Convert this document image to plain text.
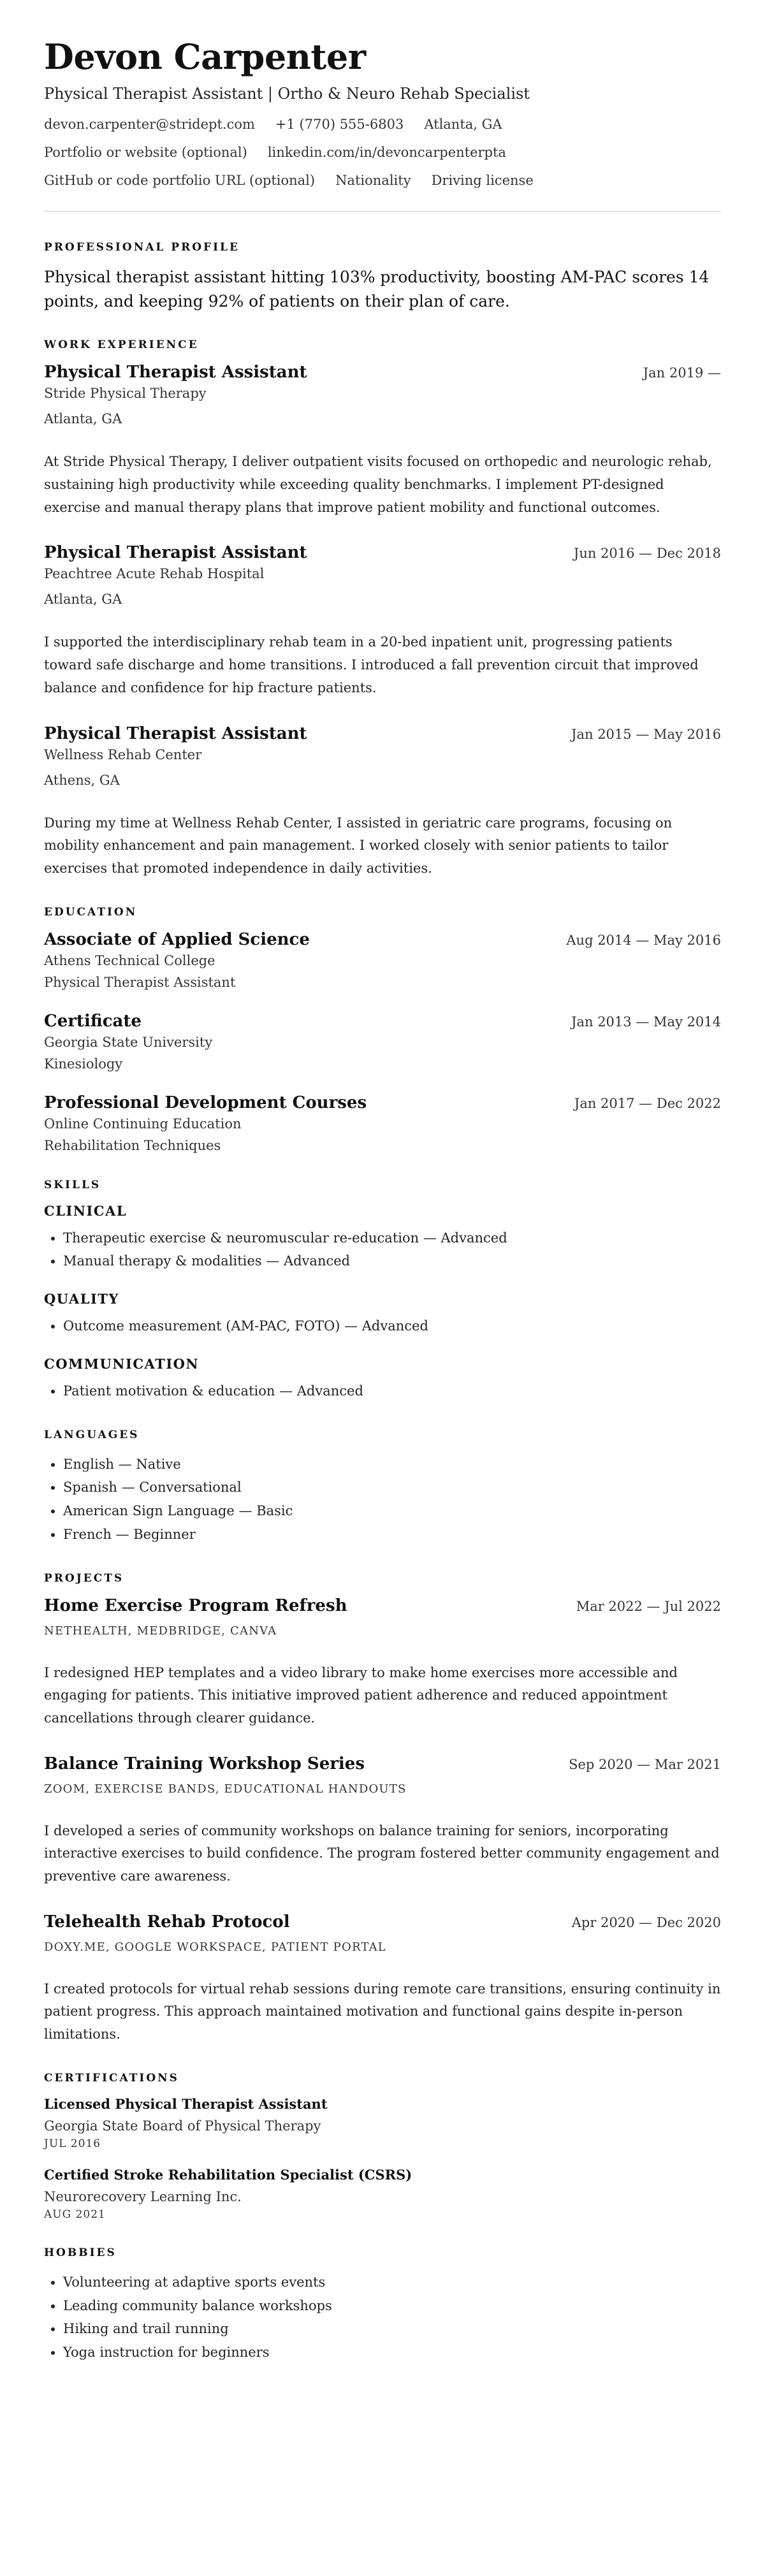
Devon Carpenter
Physical Therapist Assistant | Ortho & Neuro Rehab Specialist
devon.carpenter@stridept.com +1 (770) 555-6803 Atlanta, GA
Portfolio or website (optional) linkedin.com/in/devoncarpenterpta
GitHub or code portfolio URL (optional) Nationality Driving license
PROFESSIONAL PROFILE

Physical therapist assistant hitting 103% productivity, boosting AM-PAC scores 14 points, and keeping 92% of patients on their plan of care.

WORK EXPERIENCE
Physical Therapist Assistant	Jan 2019 —
Stride Physical Therapy
Atlanta, GA
At Stride Physical Therapy, I deliver outpatient visits focused on orthopedic and neurologic rehab, sustaining high productivity while exceeding quality benchmarks. I implement PT-designed exercise and manual therapy plans that improve patient mobility and functional outcomes.
Physical Therapist Assistant	Jun 2016 — Dec 2018
Peachtree Acute Rehab Hospital
Atlanta, GA
I supported the interdisciplinary rehab team in a 20-bed inpatient unit, progressing patients toward safe discharge and home transitions. I introduced a fall prevention circuit that improved balance and confidence for hip fracture patients.
Physical Therapist Assistant	Jan 2015 — May 2016
Wellness Rehab Center
Athens, GA
During my time at Wellness Rehab Center, I assisted in geriatric care programs, focusing on mobility enhancement and pain management. I worked closely with senior patients to tailor exercises that promoted independence in daily activities.
EDUCATION
Associate of Applied Science	Aug 2014 — May 2016
Athens Technical College
Physical Therapist Assistant
Certificate	Jan 2013 — May 2014
Georgia State University
Kinesiology
Professional Development Courses	Jan 2017 — Dec 2022
Online Continuing Education
Rehabilitation Techniques
SKILLS
CLINICAL
• Therapeutic exercise & neuromuscular re-education — Advanced
• Manual therapy & modalities — Advanced
QUALITY
• Outcome measurement (AM-PAC, FOTO) — Advanced
COMMUNICATION
• Patient motivation & education — Advanced
LANGUAGES
• English — Native
• Spanish — Conversational
• American Sign Language — Basic
• French — Beginner
PROJECTS
Home Exercise Program Refresh	Mar 2022 — Jul 2022
NETHEALTH, MEDBRIDGE, CANVA
I redesigned HEP templates and a video library to make home exercises more accessible and engaging for patients. This initiative improved patient adherence and reduced appointment cancellations through clearer guidance.
Balance Training Workshop Series	Sep 2020 — Mar 2021
ZOOM, EXERCISE BANDS, EDUCATIONAL HANDOUTS
I developed a series of community workshops on balance training for seniors, incorporating interactive exercises to build confidence. The program fostered better community engagement and preventive care awareness.
Telehealth Rehab Protocol	Apr 2020 — Dec 2020
DOXY.ME, GOOGLE WORKSPACE, PATIENT PORTAL
I created protocols for virtual rehab sessions during remote care transitions, ensuring continuity in patient progress. This approach maintained motivation and functional gains despite in-person limitations.
CERTIFICATIONS
Licensed Physical Therapist Assistant
Georgia State Board of Physical Therapy
JUL 2016
Certified Stroke Rehabilitation Specialist (CSRS)
Neurorecovery Learning Inc.
AUG 2021
HOBBIES
• Volunteering at adaptive sports events
• Leading community balance workshops
• Hiking and trail running
• Yoga instruction for beginners
